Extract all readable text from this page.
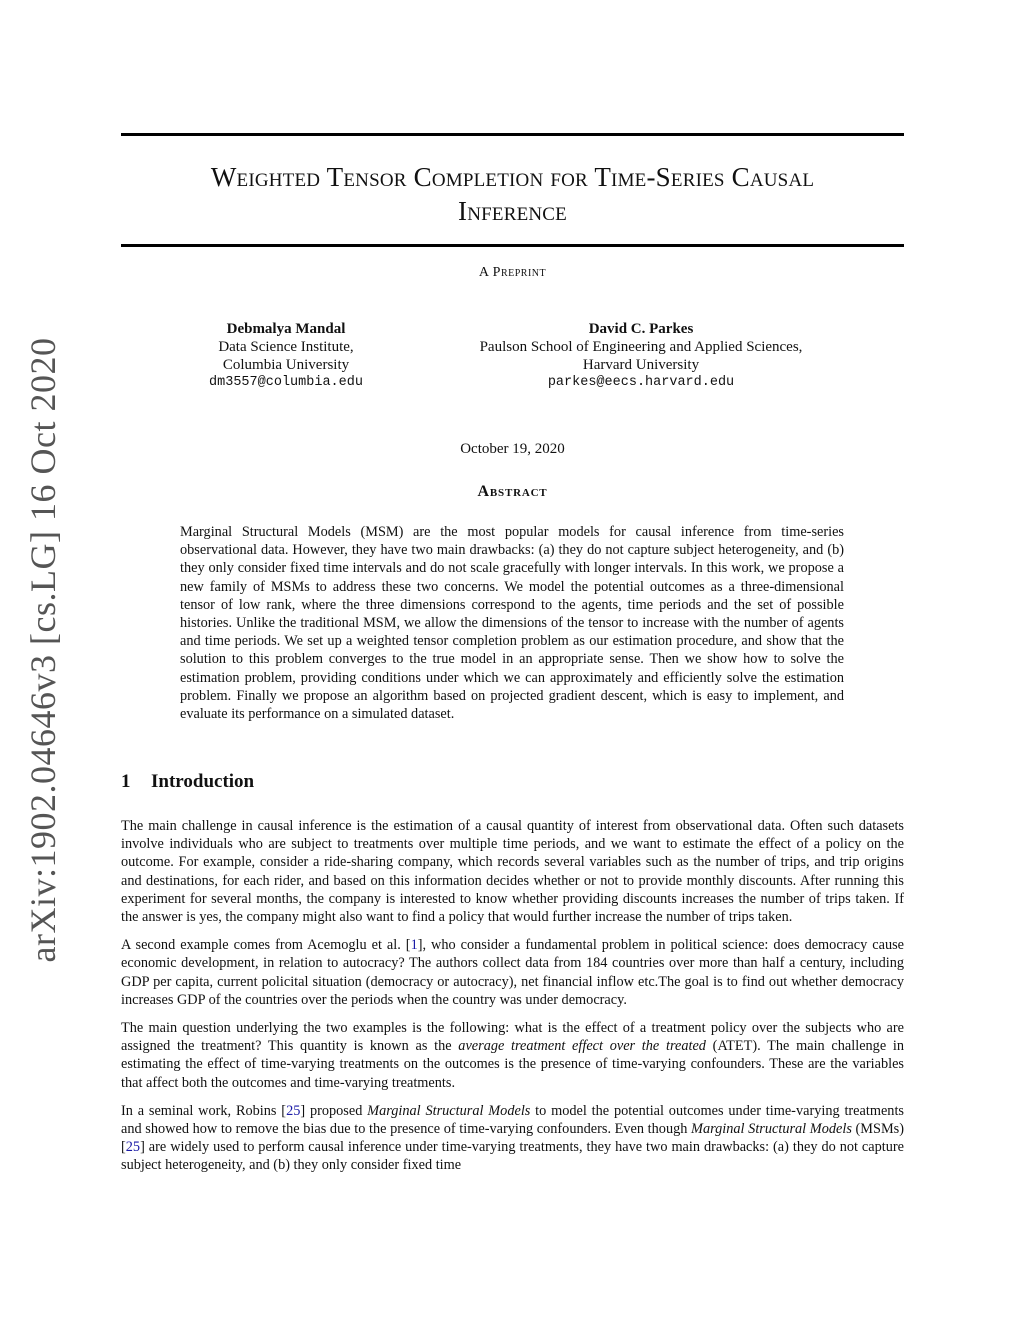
arXiv:1902.04646v3 [cs.LG] 16 Oct 2020
Weighted Tensor Completion for Time-Series Causal
Inference
A Preprint
Debmalya Mandal
Data Science Institute,
Columbia University
dm3557@columbia.edu
David C. Parkes
Paulson School of Engineering and Applied Sciences,
Harvard University
parkes@eecs.harvard.edu
October 19, 2020
Abstract
Marginal Structural Models (MSM) are the most popular models for causal inference from time-series observational data. However, they have two main drawbacks: (a) they do not capture subject heterogeneity, and (b) they only consider fixed time intervals and do not scale gracefully with longer intervals. In this work, we propose a new family of MSMs to address these two concerns. We model the potential outcomes as a three-dimensional tensor of low rank, where the three dimensions correspond to the agents, time periods and the set of possible histories. Unlike the traditional MSM, we allow the dimensions of the tensor to increase with the number of agents and time periods. We set up a weighted tensor completion problem as our estimation procedure, and show that the solution to this problem converges to the true model in an appropriate sense. Then we show how to solve the estimation problem, providing conditions under which we can approximately and efficiently solve the estimation problem. Finally we propose an algorithm based on projected gradient descent, which is easy to implement, and evaluate its performance on a simulated dataset.
1 Introduction

The main challenge in causal inference is the estimation of a causal quantity of interest from observational data. Often such datasets involve individuals who are subject to treatments over multiple time periods, and we want to estimate the effect of a policy on the outcome. For example, consider a ride-sharing company, which records several variables such as the number of trips, and trip origins and destinations, for each rider, and based on this information decides whether or not to provide monthly discounts. After running this experiment for several months, the company is interested to know whether providing discounts increases the number of trips taken. If the answer is yes, the company might also want to find a policy that would further increase the number of trips taken.

A second example comes from Acemoglu et al. [1], who consider a fundamental problem in political science: does democracy cause economic development, in relation to autocracy? The authors collect data from 184 countries over more than half a century, including GDP per capita, current policital situation (democracy or autocracy), net financial inflow etc.The goal is to find out whether democracy increases GDP of the countries over the periods when the country was under democracy.

The main question underlying the two examples is the following: what is the effect of a treatment policy over the subjects who are assigned the treatment? This quantity is known as the average treatment effect over the treated (ATET). The main challenge in estimating the effect of time-varying treatments on the outcomes is the presence of time-varying confounders. These are the variables that affect both the outcomes and time-varying treatments.

In a seminal work, Robins [25] proposed Marginal Structural Models to model the potential outcomes under time-varying treatments and showed how to remove the bias due to the presence of time-varying confounders. Even though Marginal Structural Models (MSMs) [25] are widely used to perform causal inference under time-varying treatments, they have two main drawbacks: (a) they do not capture subject heterogeneity, and (b) they only consider fixed time
